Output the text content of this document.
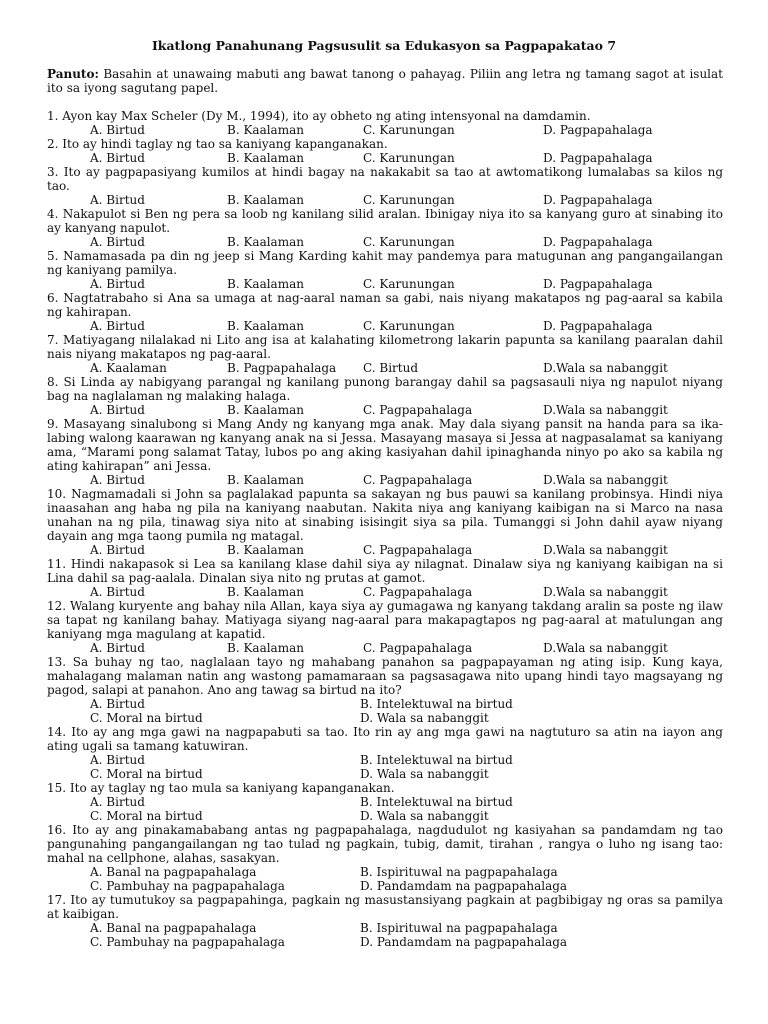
Ikatlong Panahunang Pagsusulit sa Edukasyon sa Pagpapakatao 7
Panuto: Basahin at unawaing mabuti ang bawat tanong o pahayag. Piliin ang letra ng tamang sagot at isulat ito sa iyong sagutang papel.
1. Ayon kay Max Scheler (Dy M., 1994), ito ay obheto ng ating intensyonal na damdamin.
A. Birtud	B. Kaalaman	C. Karunungan	D. Pagpapahalaga
2. Ito ay hindi taglay ng tao sa kaniyang kapanganakan.
A. Birtud	B. Kaalaman	C. Karunungan	D. Pagpapahalaga
3. Ito ay pagpapasiyang kumilos at hindi bagay na nakakabit sa tao at awtomatikong lumalabas sa kilos ng tao.
A. Birtud	B. Kaalaman	C. Karunungan	D. Pagpapahalaga
4. Nakapulot si Ben ng pera sa loob ng kanilang silid aralan. Ibinigay niya ito sa kanyang guro at sinabing ito ay kanyang napulot.
A. Birtud	B. Kaalaman	C. Karunungan	D. Pagpapahalaga
5. Namamasada pa din ng jeep si Mang Karding kahit may pandemya para matugunan ang pangangailangan ng kaniyang pamilya.
A. Birtud	B. Kaalaman	C. Karunungan	D. Pagpapahalaga
6. Nagtatrabaho si Ana sa umaga at nag-aaral naman sa gabi, nais niyang makatapos ng pag-aaral sa kabila ng kahirapan.
A. Birtud	B. Kaalaman	C. Karunungan	D. Pagpapahalaga
7. Matiyagang nilalakad ni Lito ang isa at kalahating kilometrong lakarin papunta sa kanilang paaralan dahil nais niyang makatapos ng pag-aaral.
A. Kaalaman	B. Pagpapahalaga C. Birtud	D.Wala sa nabanggit
8. Si Linda ay nabigyang parangal ng kanilang punong barangay dahil sa pagsasauli niya ng napulot niyang bag na naglalaman ng malaking halaga.
A. Birtud	B. Kaalaman	C. Pagpapahalaga	D.Wala sa nabanggit
9. Masayang sinalubong si Mang Andy ng kanyang mga anak. May dala siyang pansit na handa para sa ika-labing walong kaarawan ng kanyang anak na si Jessa. Masayang masaya si Jessa at nagpasalamat sa kaniyang ama, “Marami pong salamat Tatay, lubos po ang aking kasiyahan dahil ipinaghanda ninyo po ako sa kabila ng ating kahirapan” ani Jessa.
A. Birtud	B. Kaalaman	C. Pagpapahalaga	D.Wala sa nabanggit
10. Nagmamadali si John sa paglalakad papunta sa sakayan ng bus pauwi sa kanilang probinsya. Hindi niya inaasahan ang haba ng pila na kaniyang naabutan. Nakita niya ang kaniyang kaibigan na si Marco na nasa unahan na ng pila, tinawag siya nito at sinabing isisingit siya sa pila. Tumanggi si John dahil ayaw niyang dayain ang mga taong pumila ng matagal.
A. Birtud	B. Kaalaman	C. Pagpapahalaga	D.Wala sa nabanggit
11. Hindi nakapasok si Lea sa kanilang klase dahil siya ay nilagnat. Dinalaw siya ng kaniyang kaibigan na si Lina dahil sa pag-aalala. Dinalan siya nito ng prutas at gamot.
A. Birtud	B. Kaalaman	C. Pagpapahalaga	D.Wala sa nabanggit
12. Walang kuryente ang bahay nila Allan, kaya siya ay gumagawa ng kanyang takdang aralin sa poste ng ilaw sa tapat ng kanilang bahay. Matiyaga siyang nag-aaral para makapagtapos ng pag-aaral at matulungan ang kaniyang mga magulang at kapatid.
A. Birtud	B. Kaalaman	C. Pagpapahalaga	D.Wala sa nabanggit
13. Sa buhay ng tao, naglalaan tayo ng mahabang panahon sa pagpapayaman ng ating isip. Kung kaya, mahalagang malaman natin ang wastong pamamaraan sa pagsasagawa nito upang hindi tayo magsayang ng pagod, salapi at panahon. Ano ang tawag sa birtud na ito?
A. Birtud	B. Intelektuwal na birtud
C. Moral na birtud	D. Wala sa nabanggit
14. Ito ay ang mga gawi na nagpapabuti sa tao. Ito rin ay ang mga gawi na nagtuturo sa atin na iayon ang ating ugali sa tamang katuwiran.
A. Birtud	B. Intelektuwal na birtud
C. Moral na birtud	D. Wala sa nabanggit
15. Ito ay taglay ng tao mula sa kaniyang kapanganakan.
A. Birtud	B. Intelektuwal na birtud
C. Moral na birtud	D. Wala sa nabanggit
16. Ito ay ang pinakamababang antas ng pagpapahalaga, nagdudulot ng kasiyahan sa pandamdam ng tao pangunahing pangangailangan ng tao tulad ng pagkain, tubig, damit, tirahan , rangya o luho ng isang tao: mahal na cellphone, alahas, sasakyan.
A. Banal na pagpapahalaga	B. Ispirituwal na pagpapahalaga
C. Pambuhay na pagpapahalaga	D. Pandamdam na pagpapahalaga
17. Ito ay tumutukoy sa pagpapahinga, pagkain ng masustansiyang pagkain at pagbibigay ng oras sa pamilya at kaibigan.
A. Banal na pagpapahalaga	B. Ispirituwal na pagpapahalaga
C. Pambuhay na pagpapahalaga	D. Pandamdam na pagpapahalaga
